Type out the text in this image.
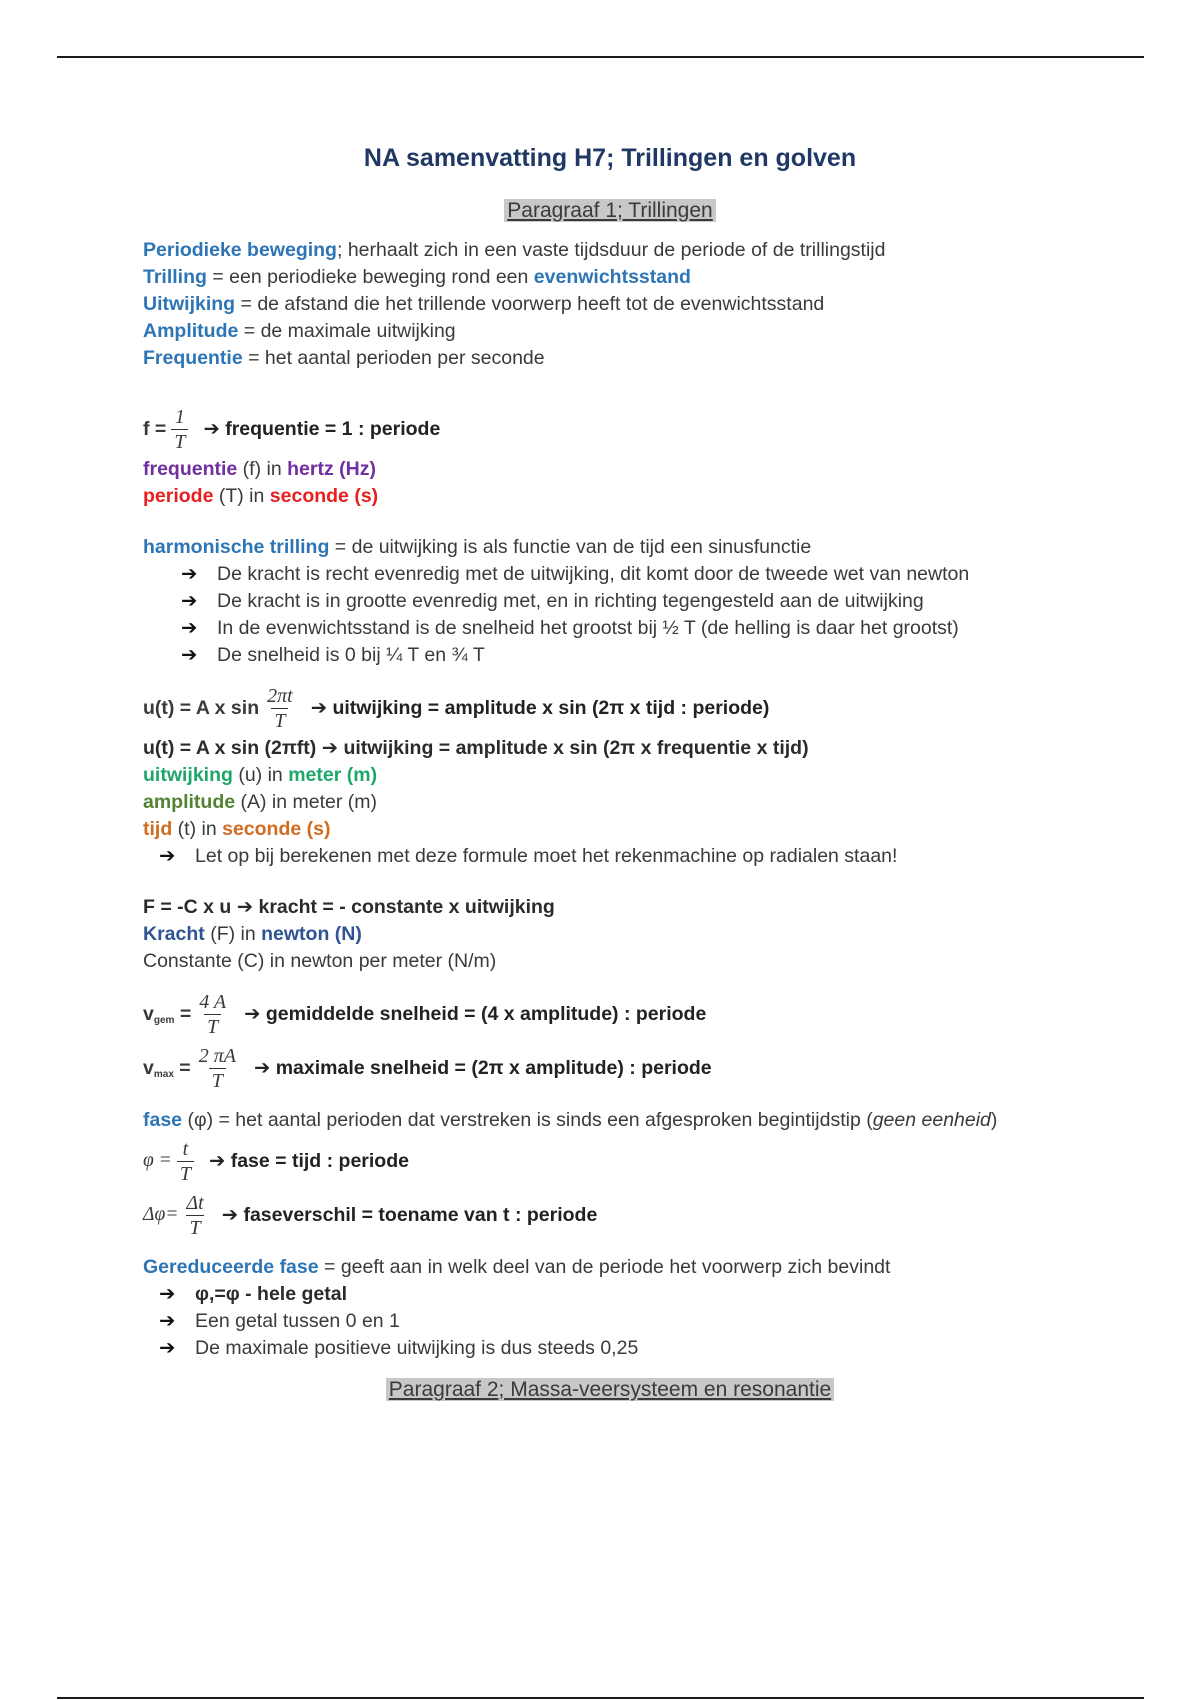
NA samenvatting H7; Trillingen en golven
Paragraaf 1; Trillingen
Periodieke beweging; herhaalt zich in een vaste tijdsduur de periode of de trillingstijd
Trilling = een periodieke beweging rond een evenwichtsstand
Uitwijking = de afstand die het trillende voorwerp heeft tot de evenwichtsstand
Amplitude = de maximale uitwijking
Frequentie = het aantal perioden per seconde
$f = \frac{1}{T}$ ➔ frequentie = 1 : periode
frequentie (f) in hertz (Hz)
periode (T) in seconde (s)
harmonische trilling = de uitwijking is als functie van de tijd een sinusfunctie
➔ De kracht is recht evenredig met de uitwijking, dit komt door de tweede wet van newton
➔ De kracht is in grootte evenredig met, en in richting tegengesteld aan de uitwijking
➔ In de evenwichtsstand is de snelheid het grootst bij ½ T (de helling is daar het grootst)
➔ De snelheid is 0 bij ¼ T en ¾ T
u(t) = A x $\sin \frac{2\pi t}{T}$ ➔ uitwijking = amplitude x sin (2π x tijd : periode)
u(t) = A x sin (2πft) ➔ uitwijking = amplitude x sin (2π x frequentie x tijd)
uitwijking (u) in meter (m)
amplitude (A) in meter (m)
tijd (t) in seconde (s)
➔ Let op bij berekenen met deze formule moet het rekenmachine op radialen staan!
F = -C x u ➔ kracht = - constante x uitwijking
Kracht (F) in newton (N)
Constante (C) in newton per meter (N/m)
$v_{gem} = \frac{4 A}{T}$ ➔ gemiddelde snelheid = (4 x amplitude) : periode
$v_{max} = \frac{2 \pi A}{T}$ ➔ maximale snelheid = (2π x amplitude) : periode
fase (φ) = het aantal perioden dat verstreken is sinds een afgesproken begintijdstip (geen eenheid)
$\varphi = \frac{t}{T}$ ➔ fase = tijd : periode
$\Delta\varphi= \frac{\Delta t}{T}$ ➔ faseverschil = toename van t : periode
Gereduceerde fase = geeft aan in welk deel van de periode het voorwerp zich bevindt
➔ φ,=φ - hele getal
➔ Een getal tussen 0 en 1
➔ De maximale positieve uitwijking is dus steeds 0,25
Paragraaf 2; Massa-veersysteem en resonantie
